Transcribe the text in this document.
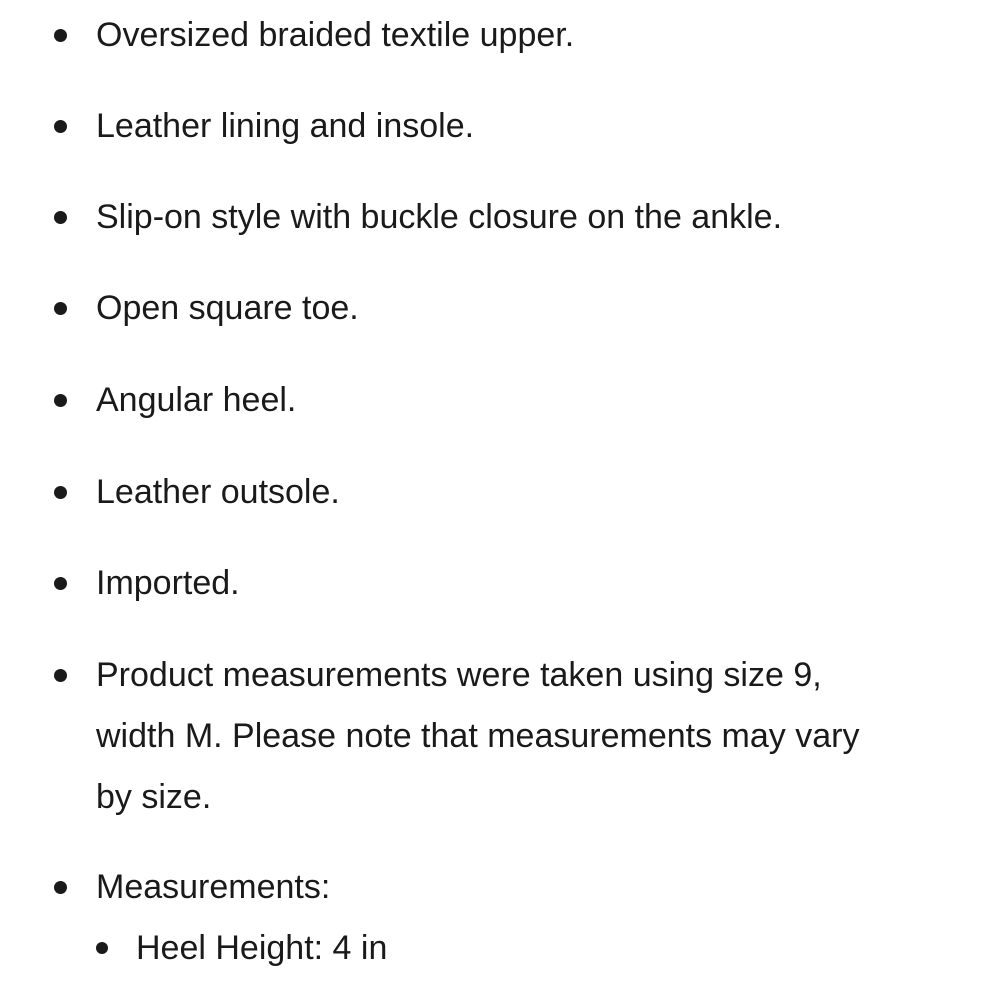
Oversized braided textile upper.
Leather lining and insole.
Slip-on style with buckle closure on the ankle.
Open square toe.
Angular heel.
Leather outsole.
Imported.
Product measurements were taken using size 9, width M. Please note that measurements may vary by size.
Measurements:
Heel Height: 4 in
